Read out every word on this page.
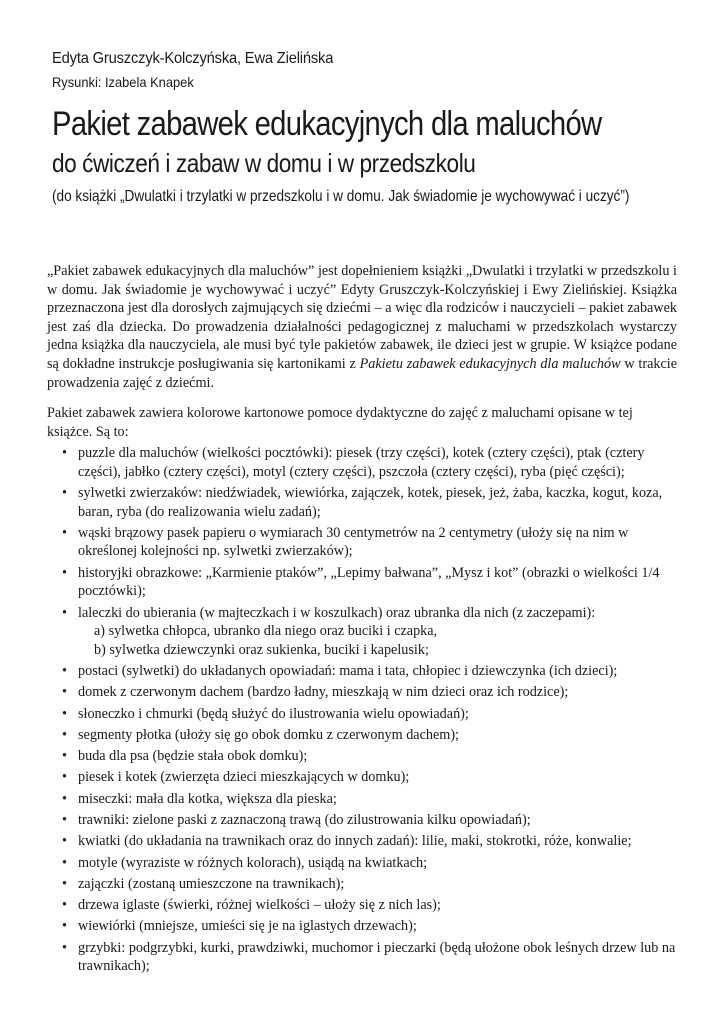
Edyta Gruszczyk-Kolczyńska, Ewa Zielińska
Rysunki: Izabela Knapek
Pakiet zabawek edukacyjnych dla maluchów
do ćwiczeń i zabaw w domu i w przedszkolu
(do książki „Dwulatki i trzylatki w przedszkolu i w domu. Jak świadomie je wychowywać i uczyć”)

„Pakiet zabawek edukacyjnych dla maluchów” jest dopełnieniem książki „Dwulatki i trzylatki w przedszkolu i w domu. Jak świadomie je wychowywać i uczyć” Edyty Gruszczyk-Kolczyńskiej i Ewy Zielińskiej. Książka przeznaczona jest dla dorosłych zajmujących się dziećmi – a więc dla rodziców i nauczycieli – pakiet zabawek jest zaś dla dziecka. Do prowadzenia działalności pedagogicznej z maluchami w przedszkolach wystarczy jedna książka dla nauczyciela, ale musi być tyle pakietów zabawek, ile dzieci jest w grupie. W książce podane są dokładne instrukcje posługiwania się kartonikami z Pakietu zabawek edukacyjnych dla maluchów w trakcie prowadzenia zajęć z dziećmi.

Pakiet zabawek zawiera kolorowe kartonowe pomoce dydaktyczne do zajęć z maluchami opisane w tej książce. Są to:

• puzzle dla maluchów (wielkości pocztówki): piesek (trzy części), kotek (cztery części), ptak (cztery części), jabłko (cztery części), motyl (cztery części), pszczoła (cztery części), ryba (pięć części);
• sylwetki zwierzaków: niedźwiadek, wiewiórka, zajączek, kotek, piesek, jeż, żaba, kaczka, kogut, koza, baran, ryba (do realizowania wielu zadań);
• wąski brązowy pasek papieru o wymiarach 30 centymetrów na 2 centymetry (ułoży się na nim w określonej kolejności np. sylwetki zwierzaków);
• historyjki obrazkowe: „Karmienie ptaków”, „Lepimy bałwana”, „Mysz i kot” (obrazki o wielkości 1/4 pocztówki);
• laleczki do ubierania (w majteczkach i w koszulkach) oraz ubranka dla nich (z zaczepami):
a) sylwetka chłopca, ubranko dla niego oraz buciki i czapka,
b) sylwetka dziewczynki oraz sukienka, buciki i kapelusik;
• postaci (sylwetki) do układanych opowiadań: mama i tata, chłopiec i dziewczynka (ich dzieci);
• domek z czerwonym dachem (bardzo ładny, mieszkają w nim dzieci oraz ich rodzice);
• słoneczko i chmurki (będą służyć do ilustrowania wielu opowiadań);
• segmenty płotka (ułoży się go obok domku z czerwonym dachem);
• buda dla psa (będzie stała obok domku);
• piesek i kotek (zwierzęta dzieci mieszkających w domku);
• miseczki: mała dla kotka, większa dla pieska;
• trawniki: zielone paski z zaznaczoną trawą (do zilustrowania kilku opowiadań);
• kwiatki (do układania na trawnikach oraz do innych zadań): lilie, maki, stokrotki, róże, konwalie;
• motyle (wyraziste w różnych kolorach), usiądą na kwiatkach;
• zajączki (zostaną umieszczone na trawnikach);
• drzewa iglaste (świerki, różnej wielkości – ułoży się z nich las);
• wiewiórki (mniejsze, umieści się je na iglastych drzewach);
• grzybki: podgrzybki, kurki, prawdziwki, muchomor i pieczarki (będą ułożone obok leśnych drzew lub na trawnikach);
